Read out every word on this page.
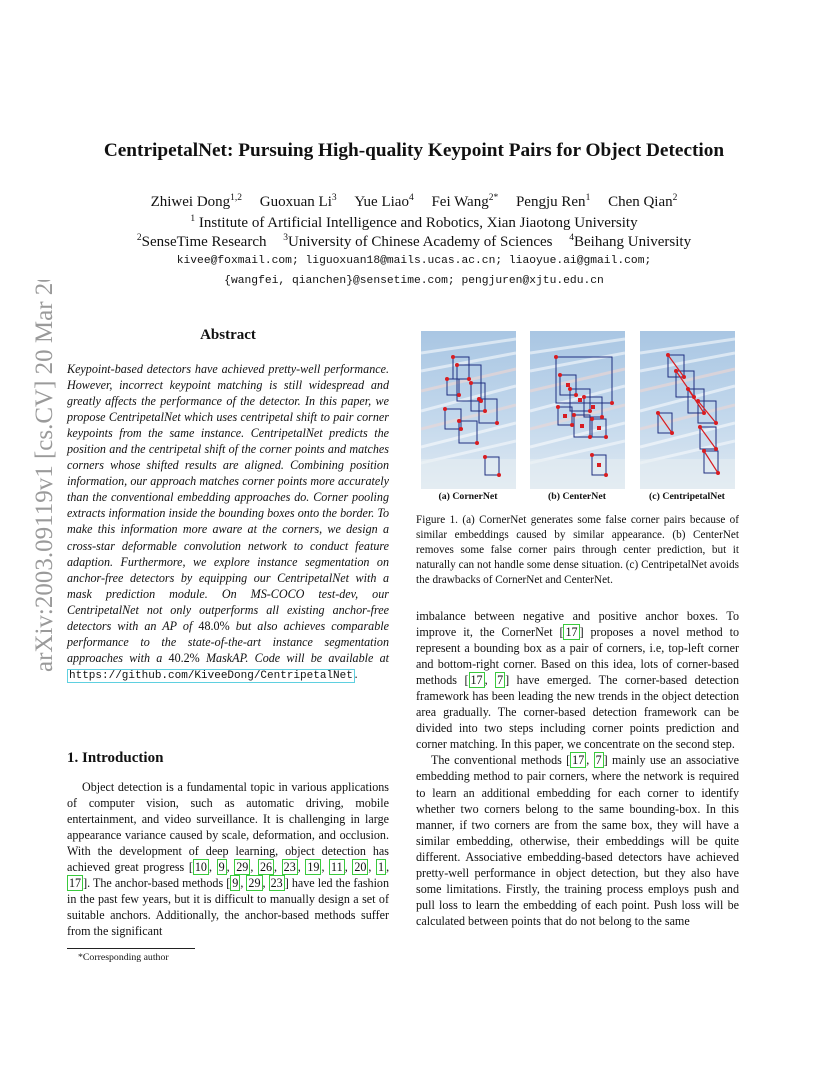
arXiv:2003.09119v1 [cs.CV] 20 Mar 2020
CentripetalNet: Pursuing High-quality Keypoint Pairs for Object Detection
Zhiwei Dong$^{1,2}$ Guoxuan Li$^3$ Yue Liao$^4$ Fei Wang$^{2*}$ Pengju Ren$^1$ Chen Qian$^2$
$^1$ Institute of Artificial Intelligence and Robotics, Xian Jiaotong University
$^2$SenseTime Research $^3$University of Chinese Academy of Sciences $^4$Beihang University
kivee@foxmail.com; liguoxuan18@mails.ucas.ac.cn; liaoyue.ai@gmail.com;
{wangfei, qianchen}@sensetime.com; pengjuren@xjtu.edu.cn
Abstract
Keypoint-based detectors have achieved pretty-well performance. However, incorrect keypoint matching is still widespread and greatly affects the performance of the detector. In this paper, we propose CentripetalNet which uses centripetal shift to pair corner keypoints from the same instance. CentripetalNet predicts the position and the centripetal shift of the corner points and matches corners whose shifted results are aligned. Combining position information, our approach matches corner points more accurately than the conventional embedding approaches do. Corner pooling extracts information inside the bounding boxes onto the border. To make this information more aware at the corners, we design a cross-star deformable convolution network to conduct feature adaption. Furthermore, we explore instance segmentation on anchor-free detectors by equipping our CentripetalNet with a mask prediction module. On MS-COCO test-dev, our CentripetalNet not only outperforms all existing anchor-free detectors with an AP of 48.0% but also achieves comparable performance to the state-of-the-art instance segmentation approaches with a 40.2% MaskAP. Code will be available at https://github.com/KiveeDong/CentripetalNet .
1. Introduction

Object detection is a fundamental topic in various applications of computer vision, such as automatic driving, mobile entertainment, and video surveillance. It is challenging in large appearance variance caused by scale, deformation, and occlusion. With the development of deep learning, object detection has achieved great progress [ 10 , 9 , 29 , 26 , 23 , 19 , 11 , 20 , 1 , 17 ]. The anchor-based methods [ 9 , 29 , 23 ] have led the fashion in the past few years, but it is difficult to manually design a set of suitable anchors. Additionally, the anchor-based methods suffer from the significant

*Corresponding author
(a) CornerNet	(b) CenterNet	(c) CentripetalNet
Figure 1. (a) CornerNet generates some false corner pairs because of similar embeddings caused by similar appearance. (b) CenterNet removes some false corner pairs through center prediction, but it naturally can not handle some dense situation. (c) CentripetalNet avoids the drawbacks of CornerNet and CenterNet.

imbalance between negative and positive anchor boxes. To improve it, the CornerNet [ 17 ] proposes a novel method to represent a bounding box as a pair of corners, i.e, top-left corner and bottom-right corner. Based on this idea, lots of corner-based methods [ 17 , 7 ] have emerged. The corner-based detection framework has been leading the new trends in the object detection area gradually. The corner-based detection framework can be divided into two steps including corner points prediction and corner matching. In this paper, we concentrate on the second step.

The conventional methods [ 17 , 7 ] mainly use an associative embedding method to pair corners, where the network is required to learn an additional embedding for each corner to identify whether two corners belong to the same bounding-box. In this manner, if two corners are from the same box, they will have a similar embedding, otherwise, their embeddings will be quite different. Associative embedding-based detectors have achieved pretty-well performance in object detection, but they also have some limitations. Firstly, the training process employs push and pull loss to learn the embedding of each point. Push loss will be calculated between points that do not belong to the same
